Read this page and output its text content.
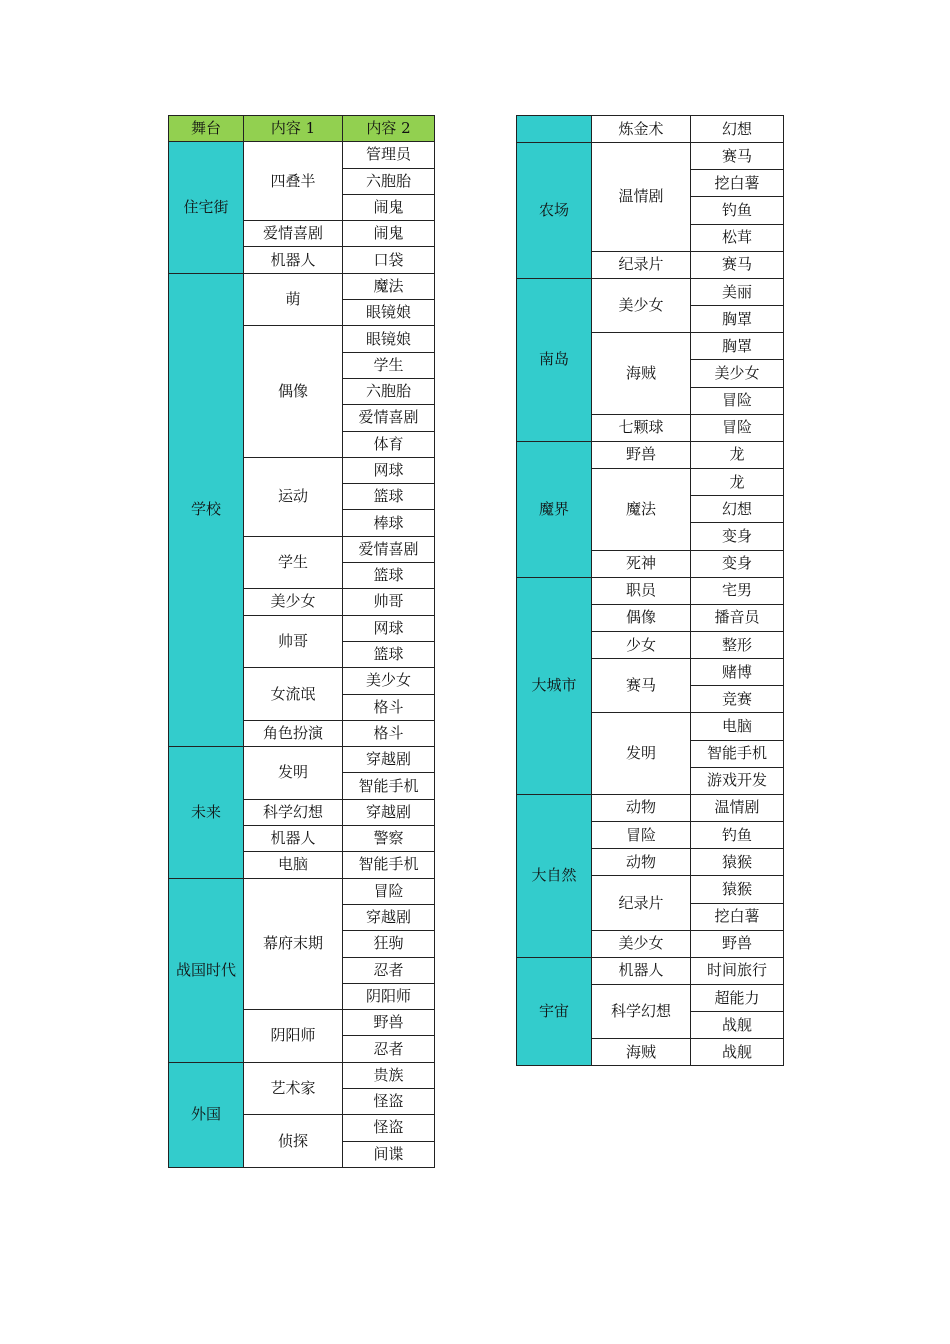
舞台	内容 1	内容 2
住宅街	四叠半	管理员
		六胞胎
		闹鬼
	爱情喜剧	闹鬼
	机器人	口袋
学校	萌	魔法
		眼镜娘
	偶像	眼镜娘
		学生
		六胞胎
		爱情喜剧
		体育
	运动	网球
		篮球
		棒球
	学生	爱情喜剧
		篮球
	美少女	帅哥
	帅哥	网球
		篮球
	女流氓	美少女
		格斗
	角色扮演	格斗
未来	发明	穿越剧
		智能手机
	科学幻想	穿越剧
	机器人	警察
	电脑	智能手机
战国时代	幕府末期	冒险
		穿越剧
		狂驹
		忍者
		阴阳师
	阴阳师	野兽
		忍者
外国	艺术家	贵族
		怪盗
	侦探	怪盗
		间谍
	炼金术	幻想
农场	温情剧	赛马
		挖白薯
		钓鱼
		松茸
	纪录片	赛马
南岛	美少女	美丽
		胸罩
	海贼	胸罩
		美少女
		冒险
	七颗球	冒险
魔界	野兽	龙
	魔法	龙
		幻想
		变身
	死神	变身
大城市	职员	宅男
	偶像	播音员
	少女	整形
	赛马	赌博
		竞赛
	发明	电脑
		智能手机
		游戏开发
大自然	动物	温情剧
	冒险	钓鱼
	动物	猿猴
	纪录片	猿猴
		挖白薯
	美少女	野兽
宇宙	机器人	时间旅行
	科学幻想	超能力
		战舰
	海贼	战舰
